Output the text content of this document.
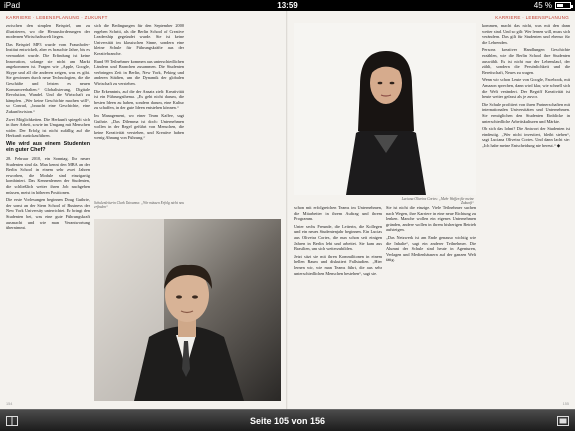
iPad	13:59	45 %
KARRIERE · LEBENSPLANUNG · ZUKUNFT

zwischen den simplen Beispiel, um zu illustrieren, wo die Herausforderungen der modernen Wirtschaftswelt liegen.

Das Beispiel MP3 wurde vom Fraunhofer-Institut entwickelt, aber es brauchte Jahre, bis es vermarktet wurde. Die Erfindung ist keine Innovation, solange sie nicht am Markt angekommen ist. Fragen wie „Apple, Google, Skype und all die anderen zeigen, was es gibt. Sie gewinnen durch neue Technologien, die die Geschäfte und leisten es neuen Konsumverhalten.“ Globalisierung, Digitale Revolution, Wandel. Und die Wirtschaft zu kämpfen. „Wer keine Geschichte machen will“, so Conrad, „braucht eine Geschichte, eine Zukunftsvision.“

Zwei Möglichkeiten. Die Herkunft spiegelt sich in ihrer Arbeit, sowie im Umgang mit Menschen wider. Der Erfolg ist nicht zufällig auf die Herkunft zurückzuführen.

Wie wird aus einem Studenten ein guter Chef?

28. Februar 2010, ein Sonntag. Ihr neuer Studenten sind da. Man kennt den MBA an der Berlin School in einem sehr zwei Jahren erworben, die Module sind einzigartig kombiniert. Das Kennenlernen der Studenten, die schließlich weiter ihren Job nachgehen müssen, meist in höheren Positionen.

Die erste Vorlesungen beginnen Doug Guthrie, der sonst an der Stern School of Business der New York University unterrichtet. Er bringt den Studenten bei, was eine gute Führungskraft ausmacht und wie man Verantwortung übernimmt.

sich die Bedingungen für den September 2000 ergeben Schritt, als die Berlin School of Creative Leadership gegründet wurde. Sie ist keine Universität im klassischen Sinne, sondern eine kleine Schule für Führungskräfte aus der Kreativbranche.

Rund 99 Teilnehmer kommen aus unterschiedlichen Ländern und Branchen zusammen. Die Studenten verbringen Zeit in Berlin, New York, Peking und anderen Städten, um die Dynamik der globalen Wirtschaft zu verstehen.

Die Erkenntnis, auf die der Ansatz zielt: Kreativität ist ein Führungsthema. „Es geht nicht darum, die besten Ideen zu haben, sondern darum, eine Kultur zu schaffen, in der gute Ideen entstehen können.“

Im Management, wo einer Team Kaffee, sagt Guthrie. „Das Dilemma ist doch: Unternehmen wollen in der Regel geführt von Menschen, die keine Kreativität verstehen, und Kreative haben wenig Ahnung von Führung.“

Schulenleiterin Clark Tatvanna: „Wir müssen Erfolg nicht neu erfinden“
154
KARRIERE · LEBENSPLANUNG
Luciana Oliveira Cortes: „Mehr Waffen für meine Zukunft“

schon mit erfolgreichen Teams im Unternehmen, die Mitarbeiter in ihrem Auftrag und ihrem Programm.

Unter sechs Freunde, die Leiterin, die Kollegen und ein neues Studentenjahr beginnen. Ein Lucias aus Oliveira Cortes, die nun schon seit einigen Jahren in Berlin lebt und arbeitet. Sie kam aus Brasilien, um sich weiterzubilden.

Jetzt sitzt sie mit ihren Kommilitonen in einem hellen Raum und diskutiert Fallstudien. „Hier lernen wir, wie man Teams führt, die aus sehr unterschiedlichen Menschen bestehen“, sagt sie.

Sie ist nicht die einzige. Viele Teilnehmer suchen nach Wegen, ihre Karriere in eine neue Richtung zu lenken. Manche wollen ein eigenes Unternehmen gründen, andere wollen in ihrem bisherigen Betrieb aufsteigen.

„Das Netzwerk ist am Ende genauso wichtig wie die Inhalte“, sagt ein anderer Teilnehmer. Die Alumni der Schule sind heute in Agenturen, Verlagen und Medienhäusern auf der ganzen Welt tätig.

kommen, macht das nicht, was mit den dann weiter sind. Und so gilt: Wer lernen will, muss sich verändern. Das gilt für Studenten und ebenso für die Lehrenden.

Persons kreativer Handlungen Geschichte erzählen, wie die Berlin School ihre Studenten auswählt. Es ist nicht nur der Lebenslauf, der zählt, sondern die Persönlichkeit und die Bereitschaft, Neues zu wagen.

Wenn wir schon Leute von Google, Facebook, mit Amazon sprechen, dann wird klar, wie schnell sich die Welt verändert. Der Begriff Kreativität ist heute weiter gefasst als je zuvor.

Die Schule profitiert von ihren Partnerschaften mit internationalen Universitäten und Unternehmen. Sie ermöglichen den Studenten Einblicke in unterschiedliche Arbeitskulturen und Märkte.

Ob sich das lohnt? Die Antwort der Studenten ist eindeutig. „Wer nicht investiert, bleibt stehen“, sagt Luciana Oliveira Cortes. Und dann lacht sie: „Ich habe meine Entscheidung nie bereut.“ ◆

155
Seite 105 von 156
